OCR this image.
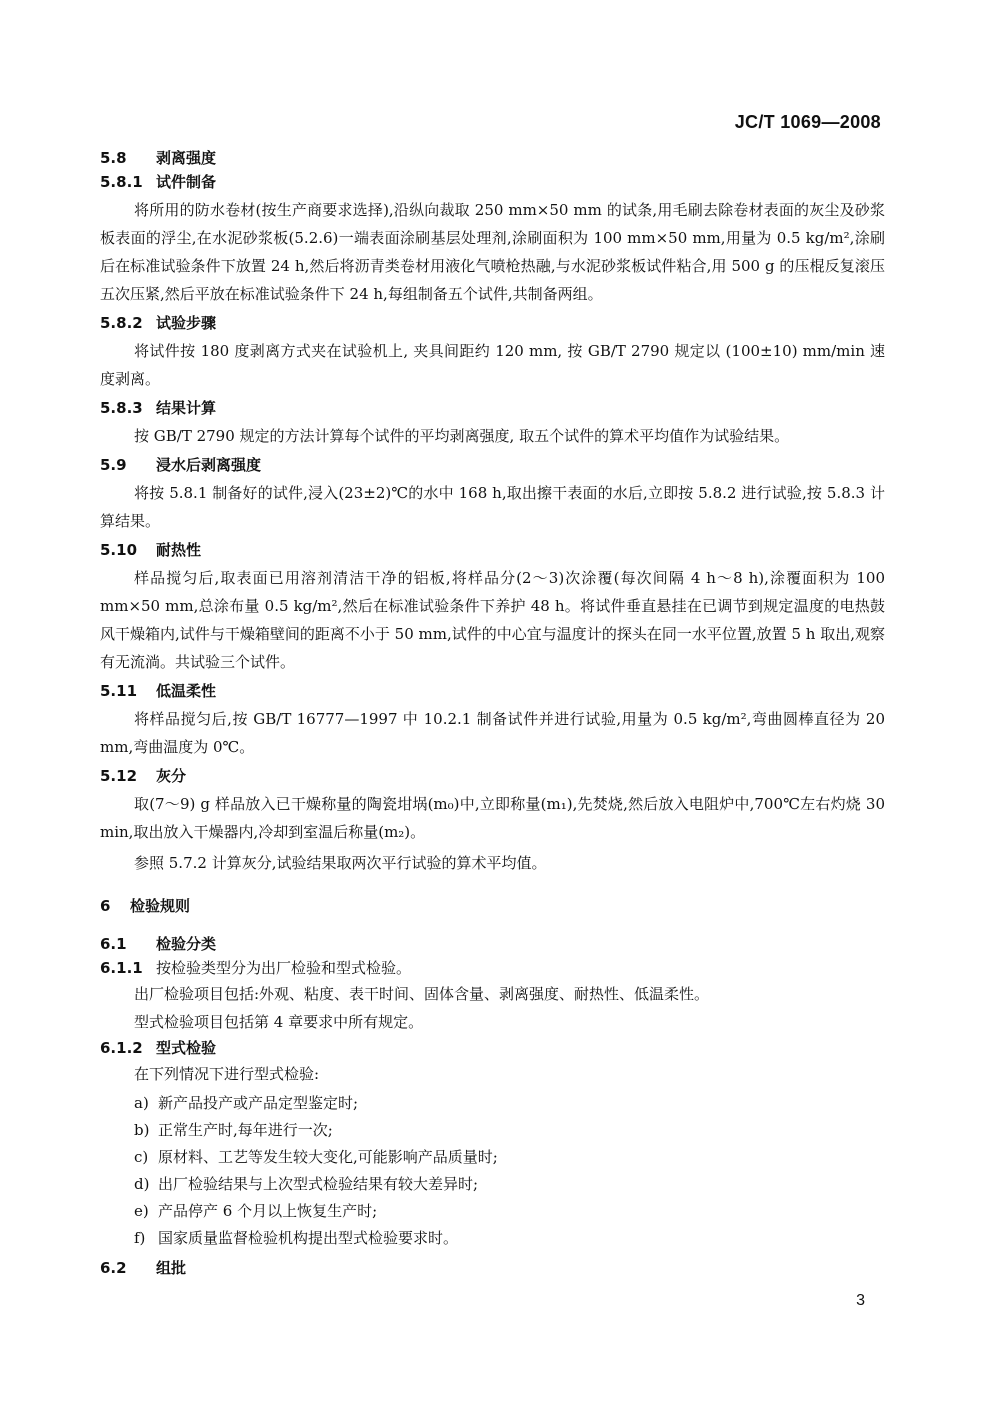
JC/T 1069—2008
5.8 剥离强度
5.8.1 试件制备
将所用的防水卷材(按生产商要求选择),沿纵向裁取 250 mm×50 mm 的试条,用毛刷去除卷材表面的灰尘及砂浆板表面的浮尘,在水泥砂浆板(5.2.6)一端表面涂刷基层处理剂,涂刷面积为 100 mm×50 mm,用量为 0.5 kg/m²,涂刷后在标准试验条件下放置 24 h,然后将沥青类卷材用液化气喷枪热融,与水泥砂浆板试件粘合,用 500 g 的压棍反复滚压五次压紧,然后平放在标准试验条件下 24 h,每组制备五个试件,共制备两组。
5.8.2 试验步骤
将试件按 180 度剥离方式夹在试验机上, 夹具间距约 120 mm, 按 GB/T 2790 规定以 (100±10) mm/min 速度剥离。
5.8.3 结果计算
按 GB/T 2790 规定的方法计算每个试件的平均剥离强度, 取五个试件的算术平均值作为试验结果。
5.9 浸水后剥离强度
将按 5.8.1 制备好的试件,浸入(23±2)℃的水中 168 h,取出擦干表面的水后,立即按 5.8.2 进行试验,按 5.8.3 计算结果。
5.10 耐热性
样品搅匀后,取表面已用溶剂清洁干净的铝板,将样品分(2～3)次涂覆(每次间隔 4 h～8 h),涂覆面积为 100 mm×50 mm,总涂布量 0.5 kg/m²,然后在标准试验条件下养护 48 h。将试件垂直悬挂在已调节到规定温度的电热鼓风干燥箱内,试件与干燥箱壁间的距离不小于 50 mm,试件的中心宜与温度计的探头在同一水平位置,放置 5 h 取出,观察有无流淌。共试验三个试件。
5.11 低温柔性
将样品搅匀后,按 GB/T 16777—1997 中 10.2.1 制备试件并进行试验,用量为 0.5 kg/m²,弯曲圆棒直径为 20 mm,弯曲温度为 0℃。
5.12 灰分
取(7～9) g 样品放入已干燥称量的陶瓷坩埚(m₀)中,立即称量(m₁),先焚烧,然后放入电阻炉中,700℃左右灼烧 30 min,取出放入干燥器内,冷却到室温后称量(m₂)。
参照 5.7.2 计算灰分,试验结果取两次平行试验的算术平均值。
6 检验规则
6.1 检验分类
6.1.1 按检验类型分为出厂检验和型式检验。
出厂检验项目包括:外观、粘度、表干时间、固体含量、剥离强度、耐热性、低温柔性。
型式检验项目包括第 4 章要求中所有规定。
6.1.2 型式检验
在下列情况下进行型式检验:
a) 新产品投产或产品定型鉴定时;
b) 正常生产时,每年进行一次;
c) 原材料、工艺等发生较大变化,可能影响产品质量时;
d) 出厂检验结果与上次型式检验结果有较大差异时;
e) 产品停产 6 个月以上恢复生产时;
f) 国家质量监督检验机构提出型式检验要求时。
6.2 组批
3
